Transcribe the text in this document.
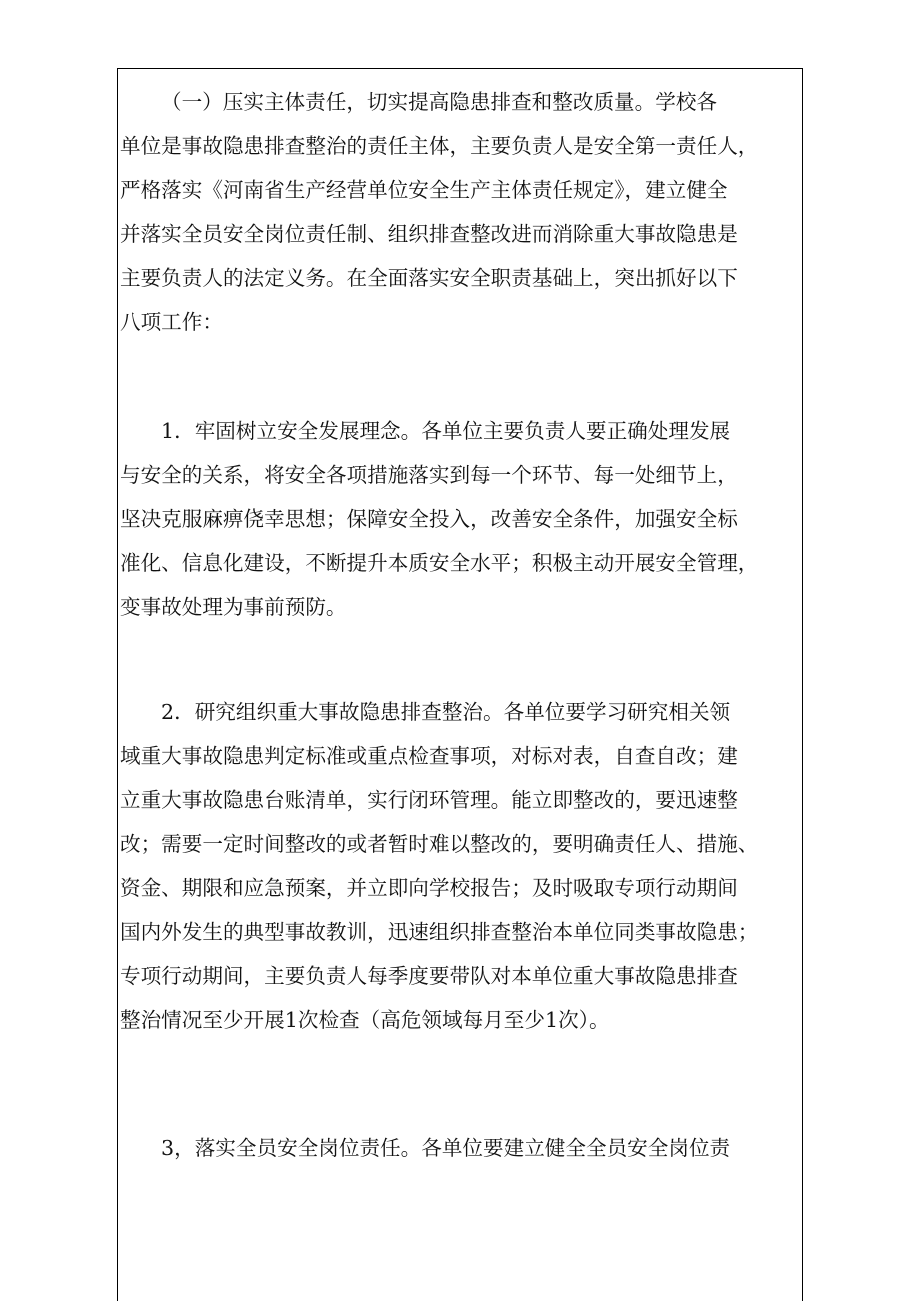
（一）压实主体责任，切实提高隐患排查和整改质量。学校各
单位是事故隐患排查整治的责任主体，主要负责人是安全第一责任人，
严格落实《河南省生产经营单位安全生产主体责任规定》，建立健全
并落实全员安全岗位责任制、组织排查整改进而消除重大事故隐患是
主要负责人的法定义务。在全面落实安全职责基础上，突出抓好以下
八项工作：
1．牢固树立安全发展理念。各单位主要负责人要正确处理发展
与安全的关系，将安全各项措施落实到每一个环节、每一处细节上，
坚决克服麻痹侥幸思想；保障安全投入，改善安全条件，加强安全标
准化、信息化建设，不断提升本质安全水平；积极主动开展安全管理，
变事故处理为事前预防。
2．研究组织重大事故隐患排查整治。各单位要学习研究相关领
域重大事故隐患判定标准或重点检查事项，对标对表，自查自改；建
立重大事故隐患台账清单，实行闭环管理。能立即整改的，要迅速整
改；需要一定时间整改的或者暂时难以整改的，要明确责任人、措施、
资金、期限和应急预案，并立即向学校报告；及时吸取专项行动期间
国内外发生的典型事故教训，迅速组织排查整治本单位同类事故隐患；
专项行动期间，主要负责人每季度要带队对本单位重大事故隐患排查
整治情况至少开展1次检查（高危领域每月至少1次）。
3，落实全员安全岗位责任。各单位要建立健全全员安全岗位责
